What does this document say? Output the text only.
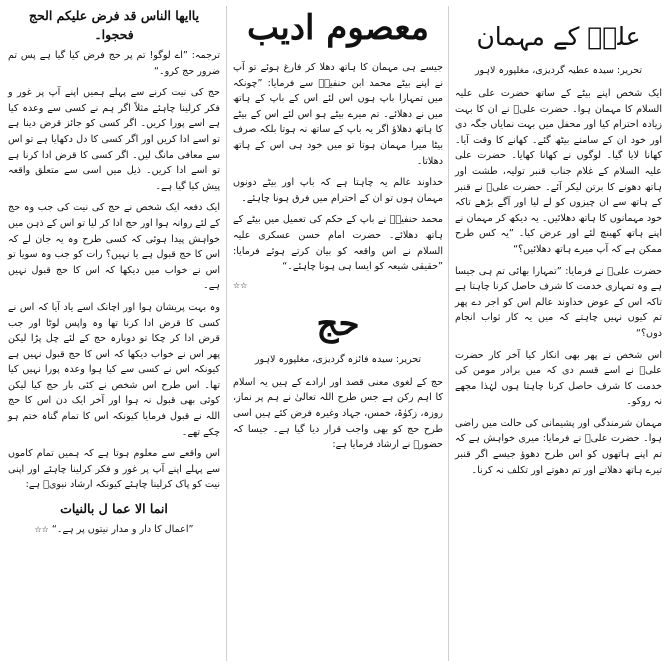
علیؑ کے مہمان
تحریر: سیدہ عطیہ گردیزی، مغلپورہ لاہور

ایک شخص اپنے بیٹے کے ساتھ حضرت علی علیہ السلام کا مہمان ہوا۔ حضرت علیؑ نے ان کا بہت زیادہ احترام کیا اور محفل میں بہت نمایاں جگہ دی اور خود ان کے سامنے بیٹھ گئے۔ کھانے کا وقت آیا۔ کھانا لایا گیا۔ لوگوں نے کھانا کھایا۔ حضرت علی علیہ السلام کے غلام جناب قنبر تولیہ، طشت اور ہاتھ دھونے کا برتن لیکر آئے۔ حضرت علیؑ نے قنبر کے ہاتھ سے ان چیزوں کو لے لیا اور آگے بڑھے تاکہ خود مہمانوں کا ہاتھ دھلائیں۔ یہ دیکھ کر مہمان نے اپنے ہاتھ کھینچ لئے اور عرض کیا۔ ”یہ کس طرح ممکن ہے کہ آپ میرے ہاتھ دھلائیں؟“

حضرت علیؑ نے فرمایا: ”تمہارا بھائی تم ہی جیسا ہے وہ تمہاری خدمت کا شرف حاصل کرنا چاہتا ہے تاکہ اس کے عوض خداوند عالم اس کو اجر دے پھر تم کیوں نہیں چاہتے کہ میں یہ کار ثواب انجام دوں؟“

اس شخص نے پھر بھی انکار کیا آخر کار حضرت علیؑ نے اسے قسم دی کہ میں برادر مومن کی خدمت کا شرف حاصل کرنا چاہتا ہوں لہٰذا مجھے نہ روکو۔

مہمان شرمندگی اور پشیمانی کی حالت میں راضی ہوا۔ حضرت علیؑ نے فرمایا: میری خواہش ہے کہ تم اپنے ہاتھوں کو اس طرح دھوؤ جیسے اگر قنبر تیرے ہاتھ دھلاتے اور تم دھوتے اور تکلف نہ کرنا۔

معصوم ادیب

جیسے ہی مہمان کا ہاتھ دھلا کر فارغ ہوئے تو آپ نے اپنے بیٹے محمد ابن حنفیہؓ سے فرمایا: ”چونکہ میں تمہارا باپ ہوں اس لئے اس کے باپ کے ہاتھ میں نے دھلائے۔ تم میرے بیٹے ہو اس لئے اس کے بیٹے کا ہاتھ دھلاؤ اگر یہ باپ کے ساتھ نہ ہوتا بلکہ صرف بیٹا میرا مہمان ہوتا تو میں خود ہی اس کے ہاتھ دھلاتا۔

خداوند عالم یہ چاہتا ہے کہ باپ اور بیٹے دونوں مہمان ہوں تو ان کے احترام میں فرق ہونا چاہئے۔

محمد حنفیہؓ نے باپ کے حکم کی تعمیل میں بیٹے کے ہاتھ دھلائے۔ حضرت امام حسن عسکری علیہ السلام نے اس واقعہ کو بیان کرتے ہوئے فرمایا: ”حقیقی شیعہ کو ایسا ہی ہونا چاہئے۔“

☆☆
حج
تحریر: سیدہ فائزہ گردیزی، مغلپورہ لاہور

حج کے لغوی معنی قصد اور ارادے کے ہیں یہ اسلام کا اہم رکن ہے جس طرح اللہ تعالیٰ نے ہم پر نماز، روزہ، زکوٰۃ، خمس، جہاد وغیرہ فرض کئے ہیں اسی طرح حج کو بھی واجب قرار دیا گیا ہے۔ جیسا کہ حضورؐ نے ارشاد فرمایا ہے:

یاایھا الناس قد فرض علیکم الحج فحجوا۔

ترجمہ: ”اے لوگو! تم پر حج فرض کیا گیا ہے پس تم ضرور حج کرو۔“

حج کی نیت کرنے سے پہلے ہمیں اپنے آپ پر غور و فکر کرلینا چاہئے مثلاً اگر ہم نے کسی سے وعدہ کیا ہے اسے پورا کریں۔ اگر کسی کو جائز قرض دینا ہے تو اسے ادا کریں اور اگر کسی کا دل دکھایا ہے تو اس سے معافی مانگ لیں۔ اگر کسی کا قرض ادا کرنا ہے تو اسے ادا کریں۔ ذیل میں اسی سے متعلق واقعہ پیش کیا گیا ہے۔

ایک دفعہ ایک شخص نے حج کی نیت کی جب وہ حج کے لئے روانہ ہوا اور حج ادا کر لیا تو اس کے ذہن میں خواہش پیدا ہوئی کہ کسی طرح وہ یہ جان لے کہ اس کا حج قبول ہے یا نہیں؟ رات کو جب وہ سویا تو اس نے خواب میں دیکھا کہ اس کا حج قبول نہیں ہے۔

وہ بہت پریشان ہوا اور اچانک اسے یاد آیا کہ اس نے کسی کا قرض ادا کرنا تھا وہ واپس لوٹا اور جب قرض ادا کر چکا تو دوبارہ حج کے لئے چل پڑا لیکن پھر اس نے خواب دیکھا کہ اس کا حج قبول نہیں ہے کیونکہ اس نے کسی سے کیا ہوا وعدہ پورا نہیں کیا تھا۔ اس طرح اس شخص نے کئی بار حج کیا لیکن کوئی بھی قبول نہ ہوا اور آخر ایک دن اس کا حج اللہ نے قبول فرمایا کیونکہ اس کا تمام گناہ ختم ہو چکے تھے۔

اس واقعے سے معلوم ہوتا ہے کہ ہمیں تمام کاموں سے پہلے اپنے آپ پر غور و فکر کرلینا چاہئے اور اپنی نیت کو پاک کرلینا چاہئے کیونکہ ارشاد نبویؐ ہے:

انما الا عما ل بالنیات

”اعمال کا دار و مدار نیتوں پر ہے۔“ ☆☆
